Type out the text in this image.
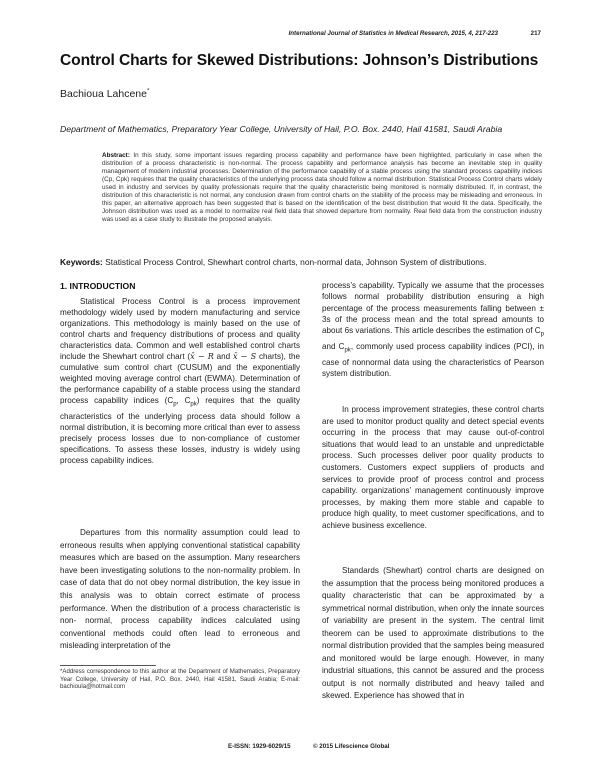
International Journal of Statistics in Medical Research, 2015, 4, 217-223	217
Control Charts for Skewed Distributions: Johnson’s Distributions
Bachioua Lahcene*
Department of Mathematics, Preparatory Year College, University of Hail, P.O. Box. 2440, Hail 41581, Saudi Arabia
Abstract: In this study, some important issues regarding process capability and performance have been highlighted, particularly in case when the distribution of a process characteristic is non-normal. The process capability and performance analysis has become an inevitable step in quality management of modern industrial processes. Determination of the performance capability of a stable process using the standard process capability indices (Cp, Cpk) requires that the quality characteristics of the underlying process data should follow a normal distribution. Statistical Process Control charts widely used in industry and services by quality professionals require that the quality characteristic being monitored is normally distributed. If, in contrast, the distribution of this characteristic is not normal, any conclusion drawn from control charts on the stability of the process may be misleading and erroneous. In this paper, an alternative approach has been suggested that is based on the identification of the best distribution that would fit the data. Specifically, the Johnson distribution was used as a model to normalize real field data that showed departure from normality. Real field data from the construction industry was used as a case study to illustrate the proposed analysis.
Keywords: Statistical Process Control, Shewhart control charts, non-normal data, Johnson System of distributions.
1. INTRODUCTION

Statistical Process Control is a process improvement methodology widely used by modern manufacturing and service organizations. This methodology is mainly based on the use of control charts and frequency distributions of process and quality characteristics data. Common and well established control charts include the Shewhart control chart (x̄ − R and x̄ − S charts), the cumulative sum control chart (CUSUM) and the exponentially weighted moving average control chart (EWMA). Determination of the performance capability of a stable process using the standard process capability indices ($C_p$, $C_{pk}$) requires that the quality characteristics of the underlying process data should follow a normal distribution, it is becoming more critical than ever to assess precisely process losses due to non-compliance of customer specifications. To assess these losses, industry is widely using process capability indices.

Departures from this normality assumption could lead to erroneous results when applying conventional statistical capability measures which are based on the assumption. Many researchers have been investigating solutions to the non-normality problem. In case of data that do not obey normal distribution, the key issue in this analysis was to obtain correct estimate of process performance. When the distribution of a process characteristic is non- normal, process capability indices calculated using conventional methods could often lead to erroneous and misleading interpretation of the

process’s capability. Typically we assume that the processes follows normal probability distribution ensuring a high percentage of the process measurements falling between ± 3s of the process mean and the total spread amounts to about 6s variations. This article describes the estimation of $C_p$ and $C_{pk}$, commonly used process capability indices (PCI), in case of nonnormal data using the characteristics of Pearson system distribution.

In process improvement strategies, these control charts are used to monitor product quality and detect special events occurring in the process that may cause out-of-control situations that would lead to an unstable and unpredictable process. Such processes deliver poor quality products to customers. Customers expect suppliers of products and services to provide proof of process control and process capability. organizations’ management continuously improve processes, by making them more stable and capable to produce high quality, to meet customer specifications, and to achieve business excellence.

Standards (Shewhart) control charts are designed on the assumption that the process being monitored produces a quality characteristic that can be approximated by a symmetrical normal distribution, when only the innate sources of variability are present in the system. The central limit theorem can be used to approximate distributions to the normal distribution provided that the samples being measured and monitored would be large enough. However, in many industrial situations, this cannot be assured and the process output is not normally distributed and heavy tailed and skewed. Experience has showed that in

*Address correspondence to this author at the Department of Mathematics, Preparatory Year College, University of Hail, P.O. Box. 2440, Hail 41581, Saudi Arabia; E-mail: bachioula@hotmail.com
E-ISSN: 1929-6029/15	© 2015 Lifescience Global
